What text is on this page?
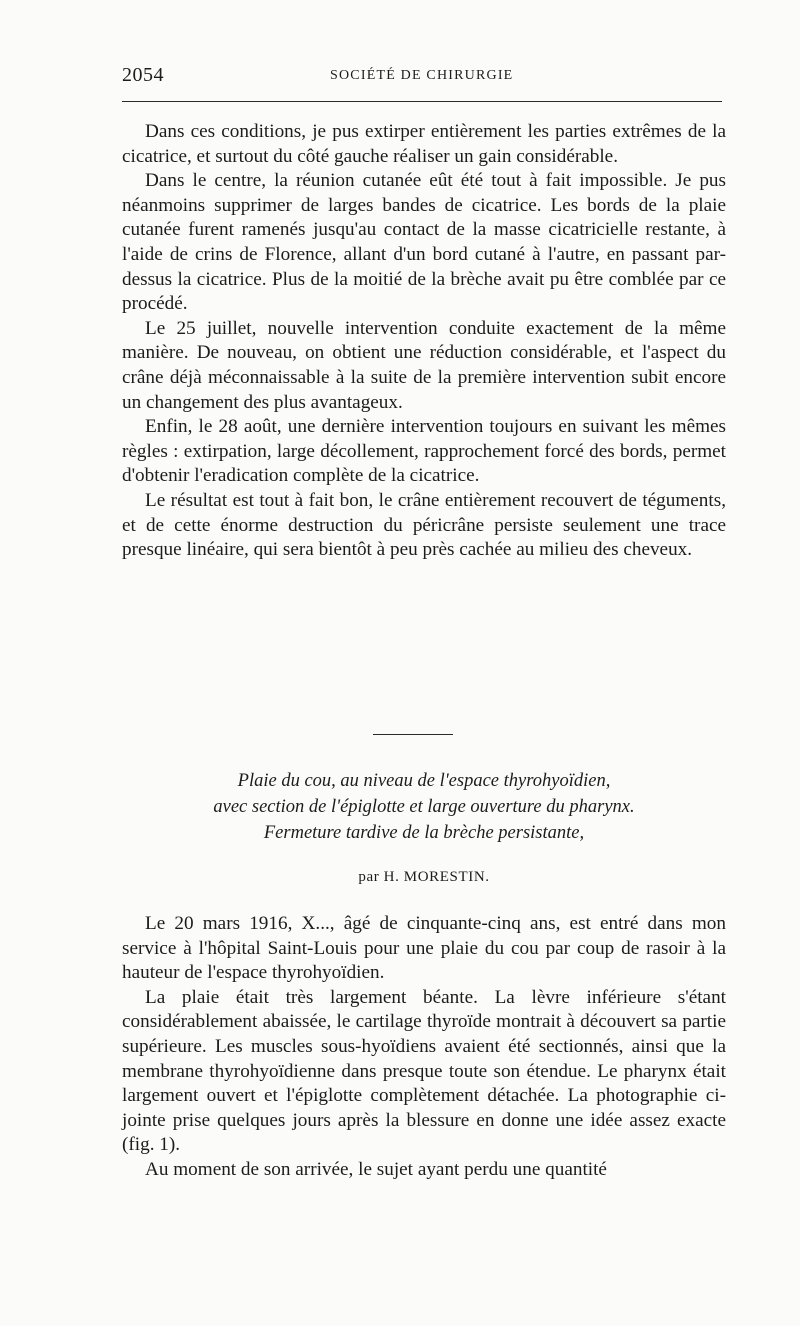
2054	SOCIÉTÉ DE CHIRURGIE

Dans ces conditions, je pus extirper entièrement les parties extrêmes de la cicatrice, et surtout du côté gauche réaliser un gain considérable.

Dans le centre, la réunion cutanée eût été tout à fait impossible. Je pus néanmoins supprimer de larges bandes de cicatrice. Les bords de la plaie cutanée furent ramenés jusqu'au contact de la masse cicatricielle restante, à l'aide de crins de Florence, allant d'un bord cutané à l'autre, en passant par-dessus la cicatrice. Plus de la moitié de la brèche avait pu être comblée par ce procédé.

Le 25 juillet, nouvelle intervention conduite exactement de la même manière. De nouveau, on obtient une réduction considérable, et l'aspect du crâne déjà méconnaissable à la suite de la première intervention subit encore un changement des plus avantageux.

Enfin, le 28 août, une dernière intervention toujours en suivant les mêmes règles : extirpation, large décollement, rapprochement forcé des bords, permet d'obtenir l'eradication complète de la cicatrice.

Le résultat est tout à fait bon, le crâne entièrement recouvert de téguments, et de cette énorme destruction du péricrâne persiste seulement une trace presque linéaire, qui sera bientôt à peu près cachée au milieu des cheveux.

Plaie du cou, au niveau de l'espace thyrohyoïdien,
avec section de l'épiglotte et large ouverture du pharynx.
Fermeture tardive de la brèche persistante,
par H. MORESTIN.

Le 20 mars 1916, X..., âgé de cinquante-cinq ans, est entré dans mon service à l'hôpital Saint-Louis pour une plaie du cou par coup de rasoir à la hauteur de l'espace thyrohyoïdien.

La plaie était très largement béante. La lèvre inférieure s'étant considérablement abaissée, le cartilage thyroïde montrait à découvert sa partie supérieure. Les muscles sous-hyoïdiens avaient été sectionnés, ainsi que la membrane thyrohyoïdienne dans presque toute son étendue. Le pharynx était largement ouvert et l'épiglotte complètement détachée. La photographie ci-jointe prise quelques jours après la blessure en donne une idée assez exacte (fig. 1).

Au moment de son arrivée, le sujet ayant perdu une quantité
